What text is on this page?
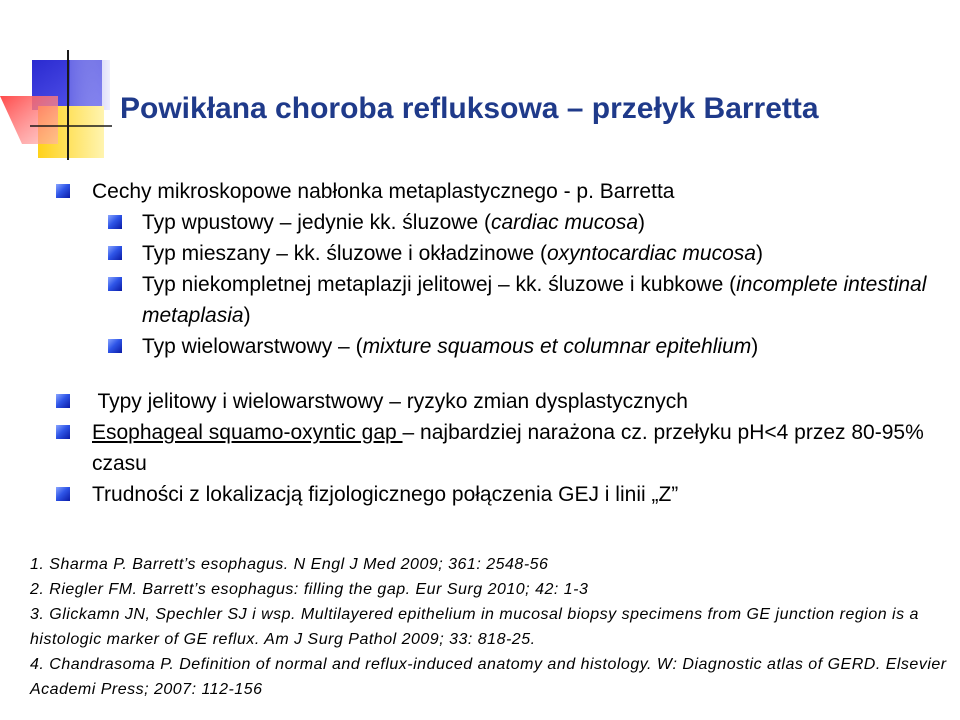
Powikłana choroba refluksowa – przełyk Barretta
Cechy mikroskopowe nabłonka metaplastycznego - p. Barretta
Typ wpustowy – jedynie kk. śluzowe (cardiac mucosa)
Typ mieszany – kk. śluzowe i okładzinowe (oxyntocardiac mucosa)
Typ niekompletnej metaplazji jelitowej – kk. śluzowe i kubkowe (incomplete intestinal metaplasia)
Typ wielowarstwowy – (mixture squamous et columnar epitehlium)
Typy jelitowy i wielowarstwowy – ryzyko zmian dysplastycznych
Esophageal squamo-oxyntic gap – najbardziej narażona cz. przełyku pH<4 przez 80-95% czasu
Trudności z lokalizacją fizjologicznego połączenia GEJ i linii „Z”

1. Sharma P. Barrett’s esophagus. N Engl J Med 2009; 361: 2548-56

2. Riegler FM. Barrett’s esophagus: filling the gap. Eur Surg 2010; 42: 1-3

3. Glickamn JN, Spechler SJ i wsp. Multilayered epithelium in mucosal biopsy specimens from GE junction region is a histologic marker of GE reflux. Am J Surg Pathol 2009; 33: 818-25.

4. Chandrasoma P. Definition of normal and reflux-induced anatomy and histology. W: Diagnostic atlas of GERD. Elsevier Academi Press; 2007: 112-156
